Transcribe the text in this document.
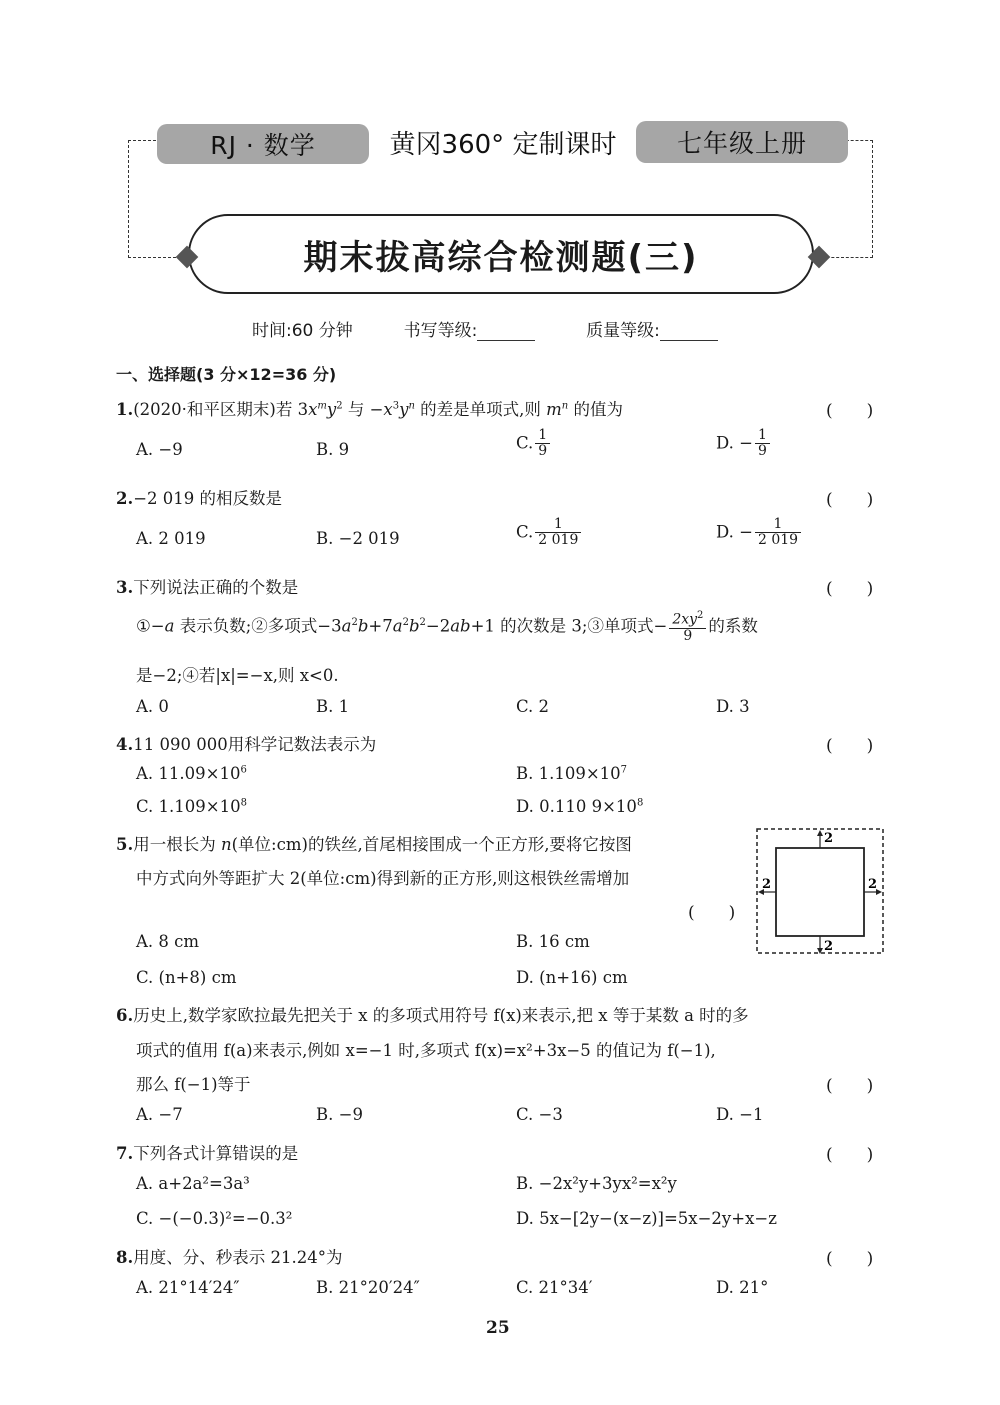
RJ · 数学	黄冈360° 定制课时	七年级上册
期末拔高综合检测题(三)
时间:60 分钟	书写等级:	质量等级:
一、选择题(3 分×12=36 分)
1.(2020·和平区期末)若 $3x^my^2$ 与 $-x^3y^n$ 的差是单项式,则 $m^n$ 的值为	(　　)
A. −9	B. 9	C. $\frac{1}{9}$	D. − $\frac{1}{9}$
2.−2 019 的相反数是	(　　)
A. 2 019	B. −2 019	C. $\frac{1}{2 019}$	D. − $\frac{1}{2 019}$
3.下列说法正确的个数是	(　　)
①−a 表示负数;②多项式$-3a^2b+7a^2b^2-2ab+1$ 的次数是 3;③单项式− $\frac{2xy^2}{9}$ 的系数
是−2;④若|x|=−x,则 x<0.
A. 0	B. 1	C. 2	D. 3
4.11 090 000用科学记数法表示为	(　　)
A. $11.09\times 10^6$	B. $1.109\times 10^7$
C. $1.109\times 10^8$	D. 0.110 $9\times 10^8$
5.用一根长为 n(单位:cm)的铁丝,首尾相接围成一个正方形,要将它按图
中方式向外等距扩大 2(单位:cm)得到新的正方形,则这根铁丝需增加
(　　)
A. 8 cm	B. 16 cm
C. (n+8) cm	D. (n+16) cm
2
2
2	2
6.历史上,数学家欧拉最先把关于 x 的多项式用符号 f(x)来表示,把 x 等于某数 a 时的多
项式的值用 f(a)来表示,例如 x=−1 时,多项式 f(x)=x²+3x−5 的值记为 f(−1),
那么 f(−1)等于	(　　)
A. −7	B. −9	C. −3	D. −1
7.下列各式计算错误的是	(　　)
A. a+2a²=3a³	B. −2x²y+3yx²=x²y
C. −(−0.3)²=−0.3²	D. 5x−[2y−(x−z)]=5x−2y+x−z
8.用度、分、秒表示 21.24°为	(　　)
A. 21°14′24″	B. 21°20′24″	C. 21°34′	D. 21°
25
